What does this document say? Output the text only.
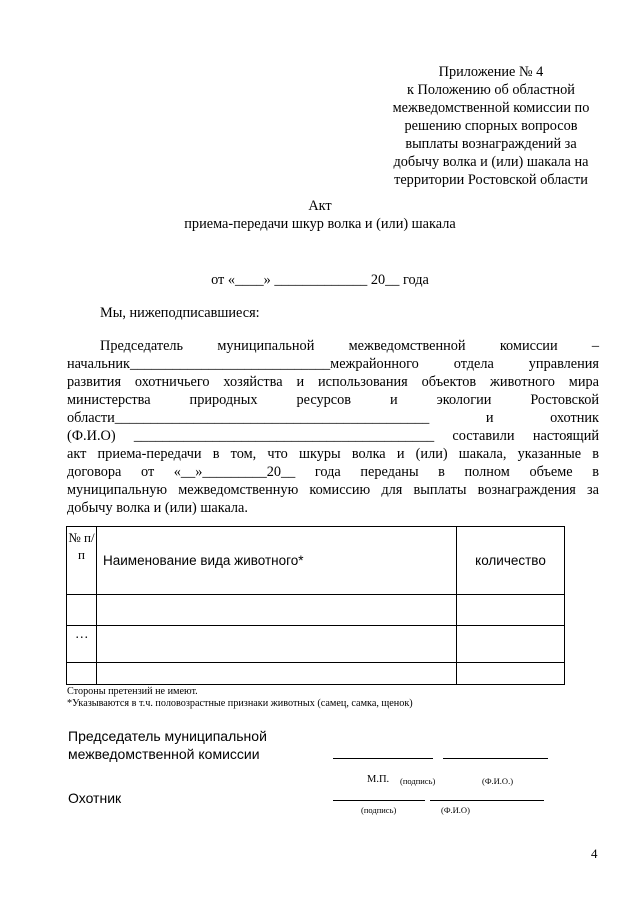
Приложение № 4
к Положению об областной
межведомственной комиссии по
решению спорных вопросов
выплаты вознаграждений за
добычу волка и (или) шакала на
территории Ростовской области
Акт
приема-передачи шкур волка и (или) шакала
от «____» _____________ 20__ года
Мы, нижеподписавшиеся:
Председатель муниципальной межведомственной комиссии –
начальник____________________________межрайонного отдела управления
развития охотничьего хозяйства и использования объектов животного мира
министерства природных ресурсов и экологии Ростовской
области____________________________________________ и охотник
(Ф.И.О) __________________________________________ составили настоящий
акт приема-передачи в том, что шкуры волка и (или) шакала, указанные в
договора от «__»_________20__ года переданы в полном объеме в
муниципальную межведомственную комиссию для выплаты вознаграждения за
добычу волка и (или) шакала.
№ п/п	Наименование вида животного*	количество

…		

Стороны претензий не имеют.
*Указываются в т.ч. половозрастные признаки животных (самец, самка, щенок)
Председатель муниципальной
межведомственной комиссии
М.П. (подпись)	(Ф.И.О.)
Охотник
(подпись)	(Ф.И.О)
4
